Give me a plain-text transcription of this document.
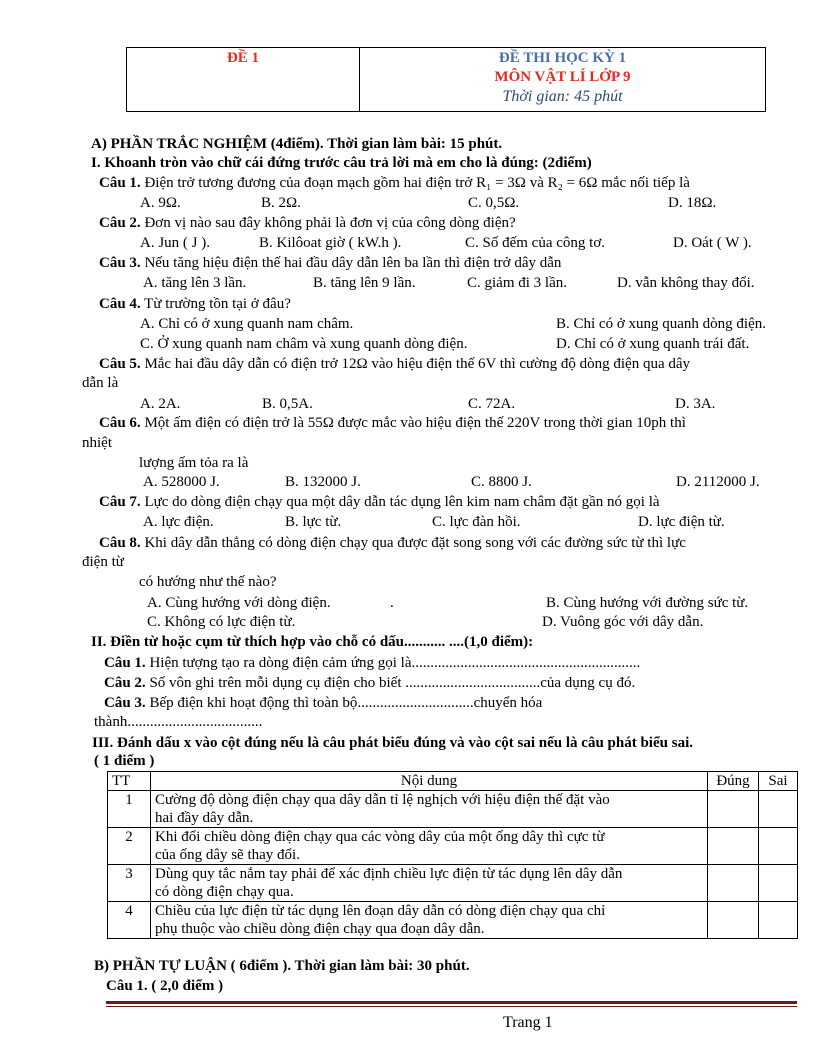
ĐỀ 1	ĐỀ THI HỌC KỲ 1
MÔN VẬT LÍ LỚP 9
Thời gian: 45 phút
A) PHẦN TRẮC NGHIỆM (4điểm). Thời gian làm bài: 15 phút.
I. Khoanh tròn vào chữ cái đứng trước câu trả lời mà em cho là đúng: (2điểm)
Câu 1. Điện trở tương đương của đoạn mạch gồm hai điện trở R₁ = 3Ω và R₂ = 6Ω mắc nối tiếp là
A. 9Ω.	B. 2Ω.	C. 0,5Ω.	D. 18Ω.
Câu 2. Đơn vị nào sau đây không phải là đơn vị của công dòng điện?
A. Jun ( J ).	B. Kilôoat giờ ( kW.h ).	C. Số đếm của công tơ.	D. Oát ( W ).
Câu 3. Nếu tăng hiệu điện thế hai đầu dây dẫn lên ba lần thì điện trở dây dẫn
A. tăng lên 3 lần.	B. tăng lên 9 lần.	C. giảm đi 3 lần.	D. vẫn không thay đổi.
Câu 4. Từ trường tồn tại ở đâu?
A. Chỉ có ở xung quanh nam châm.	B. Chỉ có ở xung quanh dòng điện.
C. Ở xung quanh nam châm và xung quanh dòng điện.	D. Chỉ có ở xung quanh trái đất.
Câu 5. Mắc hai đầu dây dẫn có điện trở 12Ω vào hiệu điện thế 6V thì cường độ dòng điện qua dây
dẫn là
A. 2A.	B. 0,5A.	C. 72A.	D. 3A.
Câu 6. Một ấm điện có điện trở là 55Ω được mắc vào hiệu điện thế 220V trong thời gian 10ph thì
nhiệt
lượng ấm tỏa ra là
A. 528000 J.	B. 132000 J.	C. 8800 J.	D. 2112000 J.
Câu 7. Lực do dòng điện chạy qua một dây dẫn tác dụng lên kim nam châm đặt gần nó gọi là
A. lực điện.	B. lực từ.	C. lực đàn hồi.	D. lực điện từ.
Câu 8. Khi dây dẫn thẳng có dòng điện chạy qua được đặt song song với các đường sức từ thì lực
điện từ
có hướng như thế nào?
A. Cùng hướng với dòng điện.	.	B. Cùng hướng với đường sức từ.
C. Không có lực điện từ.	D. Vuông góc với dây dẫn.
II. Điền từ hoặc cụm từ thích hợp vào chỗ có dấu........... ....(1,0 điểm):
Câu 1. Hiện tượng tạo ra dòng điện cảm ứng gọi là.............................................................
Câu 2. Số vôn ghi trên mỗi dụng cụ điện cho biết ....................................của dụng cụ đó.
Câu 3. Bếp điện khi hoạt động thì toàn bộ...............................chuyển hóa
thành....................................
III. Đánh dấu x vào cột đúng nếu là câu phát biểu đúng và vào cột sai nếu là câu phát biểu sai.
( 1 điểm )
TT	Nội dung	Đúng	Sai
1	Cường độ dòng điện chạy qua dây dẫn tỉ lệ nghịch với hiệu điện thế đặt vào
hai đầy dây dẫn.		

2	Khi đổi chiều dòng điện chạy qua các vòng dây của một ống dây thì cực từ
của ống dây sẽ thay đổi.		

3	Dùng quy tắc nắm tay phải để xác định chiều lực điện từ tác dụng lên dây dẫn
có dòng điện chạy qua.		

4	Chiều của lực điện từ tác dụng lên đoạn dây dẫn có dòng điện chạy qua chỉ
phụ thuộc vào chiều dòng điện chạy qua đoạn dây dẫn.		

B) PHẦN TỰ LUẬN ( 6điểm ). Thời gian làm bài: 30 phút.
Câu 1. ( 2,0 điểm )
Trang 1
